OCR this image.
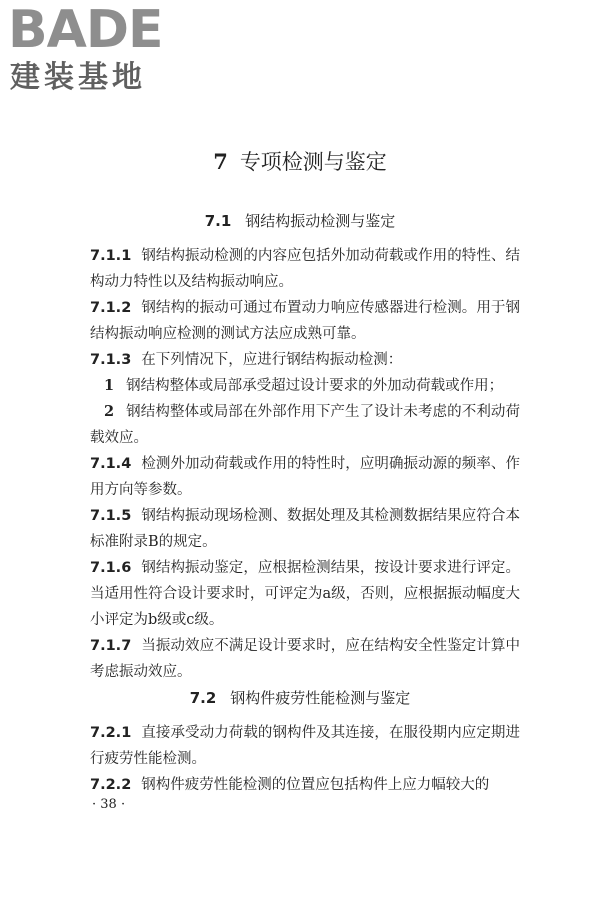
BADE
建装基地
7 专项检测与鉴定
7.1 钢结构振动检测与鉴定

7.1.1 钢结构振动检测的内容应包括外加动荷载或作用的特性、结构动力特性以及结构振动响应。

7.1.2 钢结构的振动可通过布置动力响应传感器进行检测。用于钢结构振动响应检测的测试方法应成熟可靠。

7.1.3 在下列情况下，应进行钢结构振动检测：

1 钢结构整体或局部承受超过设计要求的外加动荷载或作用；

2 钢结构整体或局部在外部作用下产生了设计未考虑的不利动荷载效应。

7.1.4 检测外加动荷载或作用的特性时，应明确振动源的频率、作用方向等参数。

7.1.5 钢结构振动现场检测、数据处理及其检测数据结果应符合本标准附录B的规定。

7.1.6 钢结构振动鉴定，应根据检测结果，按设计要求进行评定。当适用性符合设计要求时，可评定为a级，否则，应根据振动幅度大小评定为b级或c级。

7.1.7 当振动效应不满足设计要求时，应在结构安全性鉴定计算中考虑振动效应。

7.2 钢构件疲劳性能检测与鉴定

7.2.1 直接承受动力荷载的钢构件及其连接，在服役期内应定期进行疲劳性能检测。

7.2.2 钢构件疲劳性能检测的位置应包括构件上应力幅较大的

· 38 ·
